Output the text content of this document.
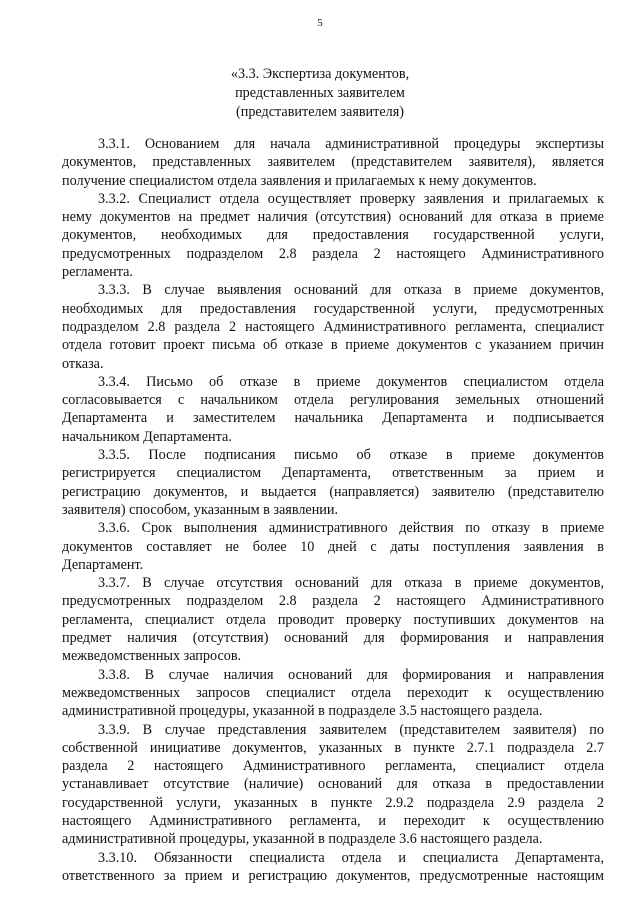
5
«3.3. Экспертиза документов,
представленных заявителем
(представителем заявителя)
3.3.1. Основанием для начала административной процедуры экспертизы
документов, представленных заявителем (представителем заявителя), является
получение специалистом отдела заявления и прилагаемых к нему документов.
3.3.2. Специалист отдела осуществляет проверку заявления и прилагаемых к
нему документов на предмет наличия (отсутствия) оснований для отказа в приеме
документов, необходимых для предоставления государственной услуги,
предусмотренных подразделом 2.8 раздела 2 настоящего Административного
регламента.
3.3.3. В случае выявления оснований для отказа в приеме документов,
необходимых для предоставления государственной услуги, предусмотренных
подразделом 2.8 раздела 2 настоящего Административного регламента, специалист
отдела готовит проект письма об отказе в приеме документов с указанием причин
отказа.
3.3.4. Письмо об отказе в приеме документов специалистом отдела
согласовывается с начальником отдела регулирования земельных отношений
Департамента и заместителем начальника Департамента и подписывается
начальником Департамента.
3.3.5. После подписания письмо об отказе в приеме документов
регистрируется специалистом Департамента, ответственным за прием и
регистрацию документов, и выдается (направляется) заявителю (представителю
заявителя) способом, указанным в заявлении.
3.3.6. Срок выполнения административного действия по отказу в приеме
документов составляет не более 10 дней с даты поступления заявления в
Департамент.
3.3.7. В случае отсутствия оснований для отказа в приеме документов,
предусмотренных подразделом 2.8 раздела 2 настоящего Административного
регламента, специалист отдела проводит проверку поступивших документов на
предмет наличия (отсутствия) оснований для формирования и направления
межведомственных запросов.
3.3.8. В случае наличия оснований для формирования и направления
межведомственных запросов специалист отдела переходит к осуществлению
административной процедуры, указанной в подразделе 3.5 настоящего раздела.
3.3.9. В случае представления заявителем (представителем заявителя) по
собственной инициативе документов, указанных в пункте 2.7.1 подраздела 2.7
раздела 2 настоящего Административного регламента, специалист отдела
устанавливает отсутствие (наличие) оснований для отказа в предоставлении
государственной услуги, указанных в пункте 2.9.2 подраздела 2.9 раздела 2
настоящего Административного регламента, и переходит к осуществлению
административной процедуры, указанной в подразделе 3.6 настоящего раздела.
3.3.10. Обязанности специалиста отдела и специалиста Департамента,
ответственного за прием и регистрацию документов, предусмотренные настоящим
